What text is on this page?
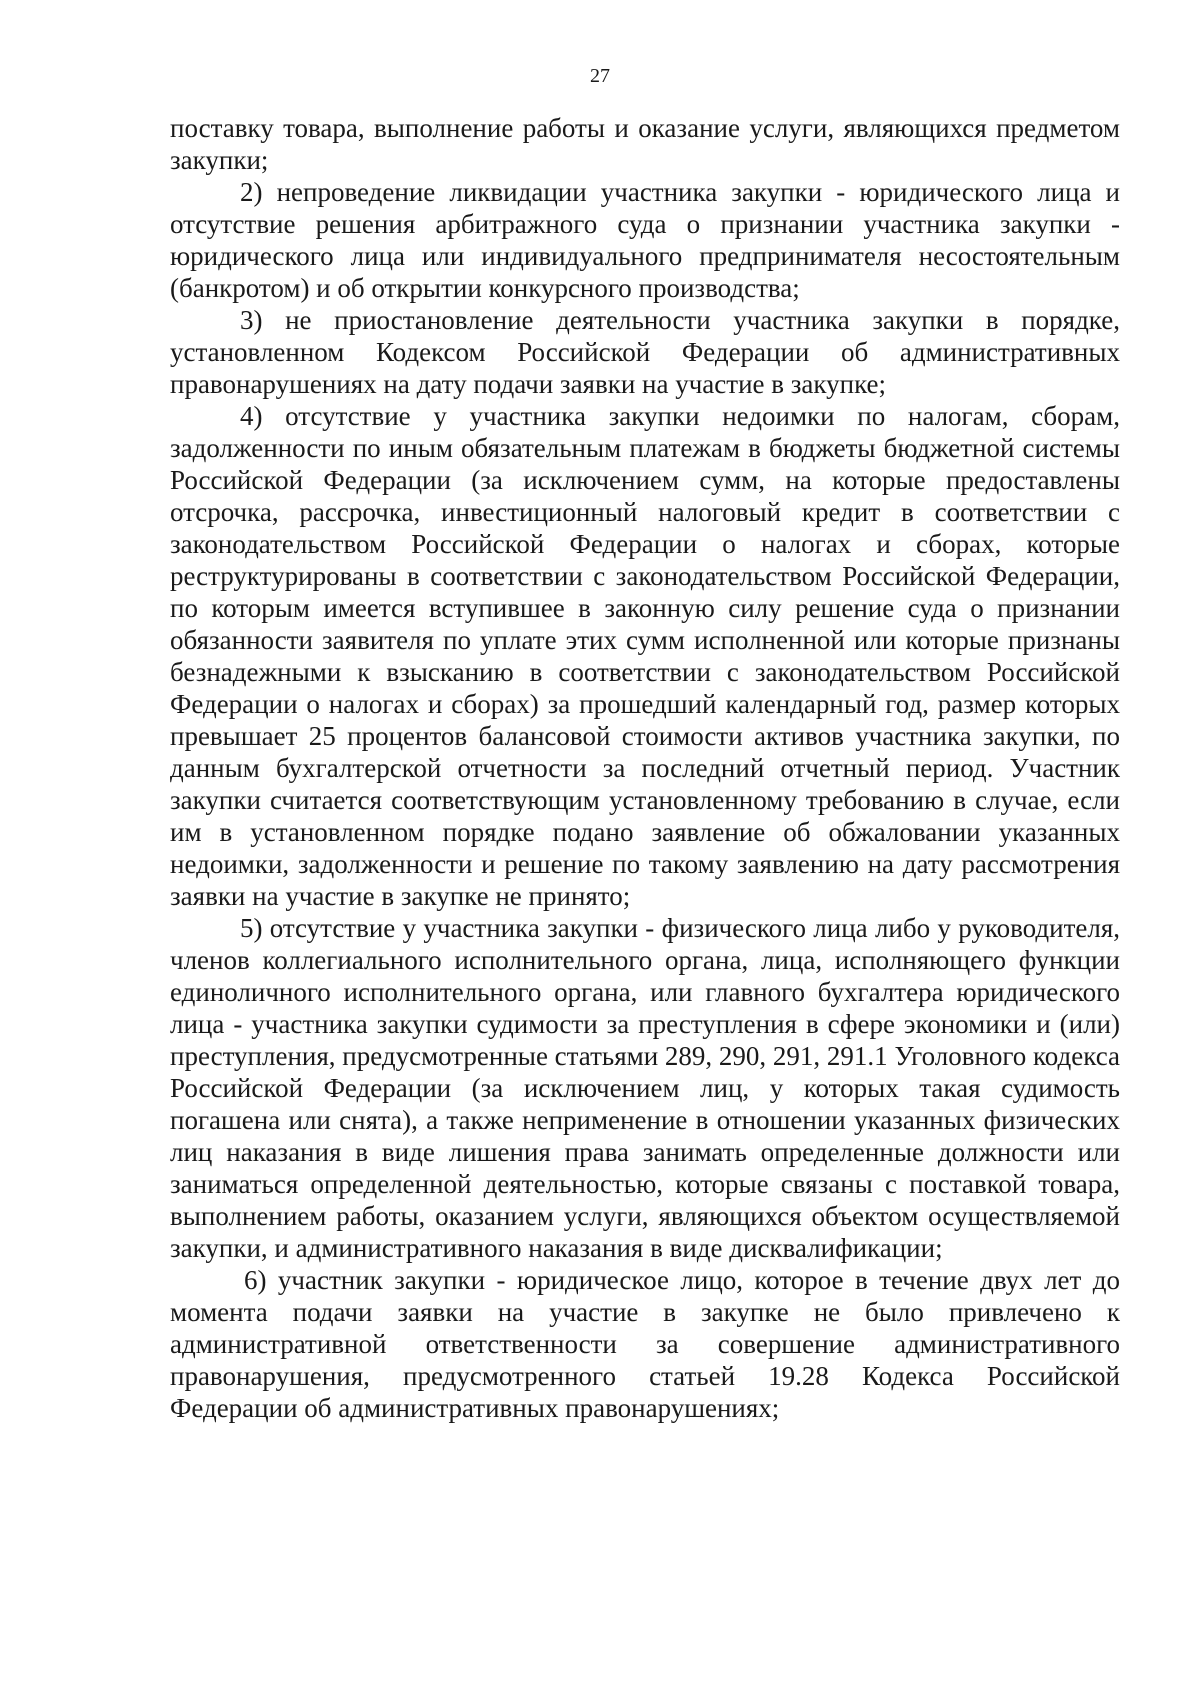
27

поставку товара, выполнение работы и оказание услуги, являющихся предметом закупки;

2) непроведение ликвидации участника закупки - юридического лица и отсутствие решения арбитражного суда о признании участника закупки - юридического лица или индивидуального предпринимателя несостоятельным (банкротом) и об открытии конкурсного производства;

3) не приостановление деятельности участника закупки в порядке, установленном Кодексом Российской Федерации об административных правонарушениях на дату подачи заявки на участие в закупке;

4) отсутствие у участника закупки недоимки по налогам, сборам, задолженности по иным обязательным платежам в бюджеты бюджетной системы Российской Федерации (за исключением сумм, на которые предоставлены отсрочка, рассрочка, инвестиционный налоговый кредит в соответствии с законодательством Российской Федерации о налогах и сборах, которые реструктурированы в соответствии с законодательством Российской Федерации, по которым имеется вступившее в законную силу решение суда о признании обязанности заявителя по уплате этих сумм исполненной или которые признаны безнадежными к взысканию в соответствии с законодательством Российской Федерации о налогах и сборах) за прошедший календарный год, размер которых превышает 25 процентов балансовой стоимости активов участника закупки, по данным бухгалтерской отчетности за последний отчетный период. Участник закупки считается соответствующим установленному требованию в случае, если им в установленном порядке подано заявление об обжаловании указанных недоимки, задолженности и решение по такому заявлению на дату рассмотрения заявки на участие в закупке не принято;

5) отсутствие у участника закупки - физического лица либо у руководителя, членов коллегиального исполнительного органа, лица, исполняющего функции единоличного исполнительного органа, или главного бухгалтера юридического лица - участника закупки судимости за преступления в сфере экономики и (или) преступления, предусмотренные статьями 289, 290, 291, 291.1 Уголовного кодекса Российской Федерации (за исключением лиц, у которых такая судимость погашена или снята), а также неприменение в отношении указанных физических лиц наказания в виде лишения права занимать определенные должности или заниматься определенной деятельностью, которые связаны с поставкой товара, выполнением работы, оказанием услуги, являющихся объектом осуществляемой закупки, и административного наказания в виде дисквалификации;

6) участник закупки - юридическое лицо, которое в течение двух лет до момента подачи заявки на участие в закупке не было привлечено к административной ответственности за совершение административного правонарушения, предусмотренного статьей 19.28 Кодекса Российской Федерации об административных правонарушениях;
